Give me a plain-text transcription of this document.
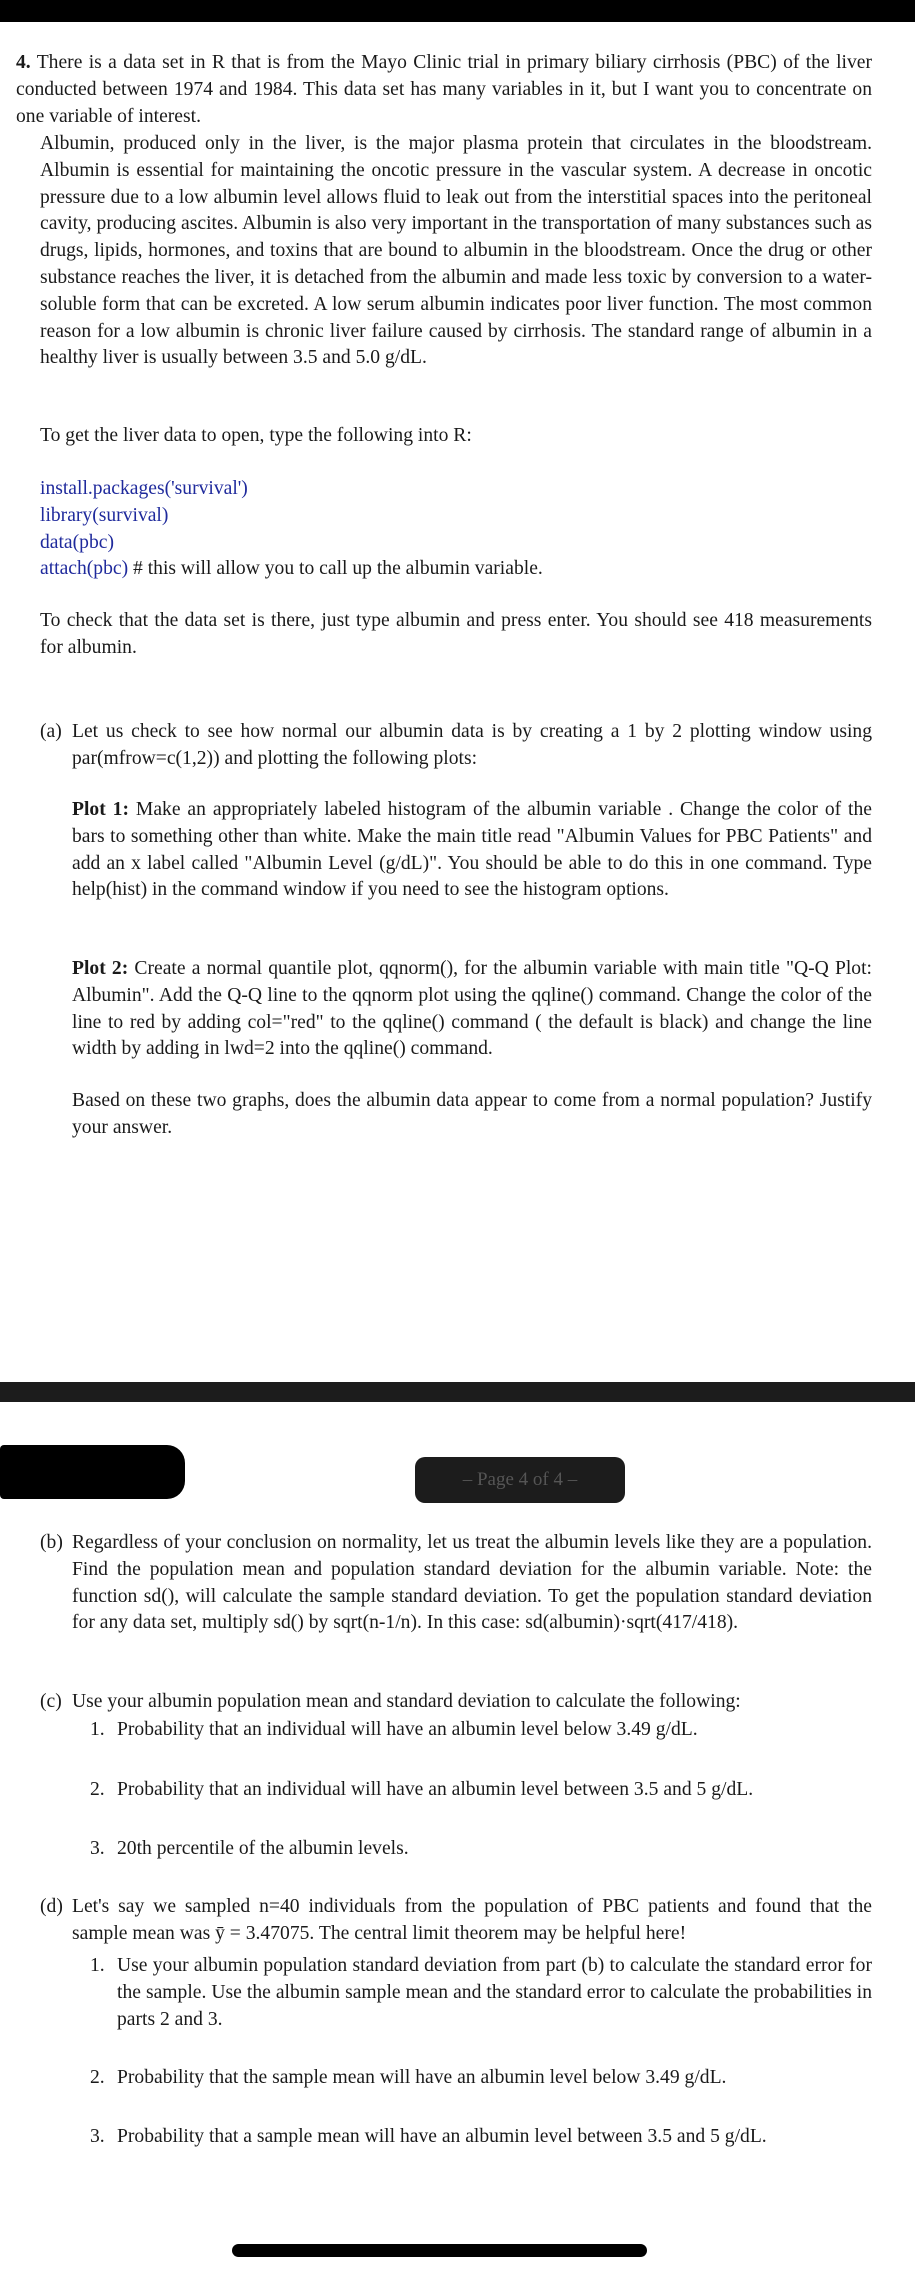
4. There is a data set in R that is from the Mayo Clinic trial in primary biliary cirrhosis (PBC) of the liver conducted between 1974 and 1984. This data set has many variables in it, but I want you to concentrate on one variable of interest.

Albumin, produced only in the liver, is the major plasma protein that circulates in the bloodstream. Albumin is essential for maintaining the oncotic pressure in the vascular system. A decrease in oncotic pressure due to a low albumin level allows fluid to leak out from the interstitial spaces into the peritoneal cavity, producing ascites. Albumin is also very important in the transportation of many substances such as drugs, lipids, hormones, and toxins that are bound to albumin in the bloodstream. Once the drug or other substance reaches the liver, it is detached from the albumin and made less toxic by conversion to a water-soluble form that can be excreted. A low serum albumin indicates poor liver function. The most common reason for a low albumin is chronic liver failure caused by cirrhosis. The standard range of albumin in a healthy liver is usually between 3.5 and 5.0 g/dL.

To get the liver data to open, type the following into R:

install.packages('survival')

library(survival)

data(pbc)

attach(pbc) # this will allow you to call up the albumin variable.

To check that the data set is there, just type albumin and press enter. You should see 418 measurements for albumin.

(a) Let us check to see how normal our albumin data is by creating a 1 by 2 plotting window using par(mfrow=c(1,2)) and plotting the following plots:

Plot 1: Make an appropriately labeled histogram of the albumin variable . Change the color of the bars to something other than white. Make the main title read "Albumin Values for PBC Patients" and add an x label called "Albumin Level (g/dL)". You should be able to do this in one command. Type help(hist) in the command window if you need to see the histogram options.

Plot 2: Create a normal quantile plot, qqnorm(), for the albumin variable with main title "Q-Q Plot: Albumin". Add the Q-Q line to the qqnorm plot using the qqline() command. Change the color of the line to red by adding col="red" to the qqline() command ( the default is black) and change the line width by adding in lwd=2 into the qqline() command.

Based on these two graphs, does the albumin data appear to come from a normal population? Justify your answer.

– Page 4 of 4 –
(b) Regardless of your conclusion on normality, let us treat the albumin levels like they are a population. Find the population mean and population standard deviation for the albumin variable. Note: the function sd(), will calculate the sample standard deviation. To get the population standard deviation for any data set, multiply sd() by sqrt(n-1/n). In this case: sd(albumin)·sqrt(417/418).
(c) Use your albumin population mean and standard deviation to calculate the following:
1. Probability that an individual will have an albumin level below 3.49 g/dL.
2. Probability that an individual will have an albumin level between 3.5 and 5 g/dL.
3. 20th percentile of the albumin levels.
(d) Let's say we sampled n=40 individuals from the population of PBC patients and found that the sample mean was ȳ = 3.47075. The central limit theorem may be helpful here!
1. Use your albumin population standard deviation from part (b) to calculate the standard error for the sample. Use the albumin sample mean and the standard error to calculate the probabilities in parts 2 and 3.
2. Probability that the sample mean will have an albumin level below 3.49 g/dL.
3. Probability that a sample mean will have an albumin level between 3.5 and 5 g/dL.
